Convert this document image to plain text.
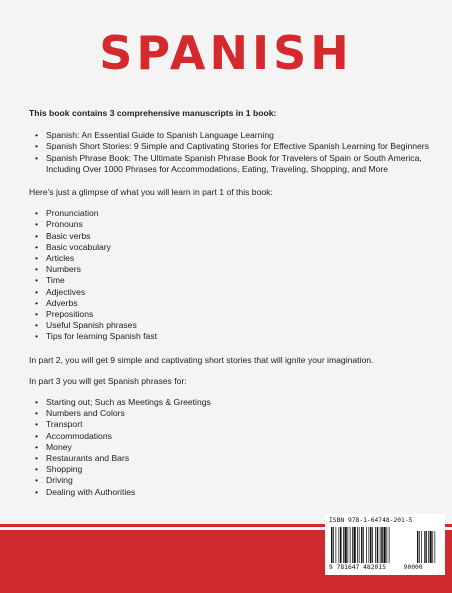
SPANISH

This book contains 3 comprehensive manuscripts in 1 book:

• Spanish: An Essential Guide to Spanish Language Learning
• Spanish Short Stories: 9 Simple and Captivating Stories for Effective Spanish Learning for Beginners
• Spanish Phrase Book: The Ultimate Spanish Phrase Book for Travelers of Spain or South America, Including Over 1000 Phrases for Accommodations, Eating, Traveling, Shopping, and More

Here's just a glimpse of what you will learn in part 1 of this book:

• Pronunciation
• Pronouns
• Basic verbs
• Basic vocabulary
• Articles
• Numbers
• Time
• Adjectives
• Adverbs
• Prepositions
• Useful Spanish phrases
• Tips for learning Spanish fast

In part 2, you will get 9 simple and captivating short stories that will ignite your imagination.

In part 3 you will get Spanish phrases for:

• Starting out; Such as Meetings & Greetings
• Numbers and Colors
• Transport
• Accommodations
• Money
• Restaurants and Bars
• Shopping
• Driving
• Dealing with Authorities
ISBN 978-1-64748-201-5
9 781647 482015	90000
